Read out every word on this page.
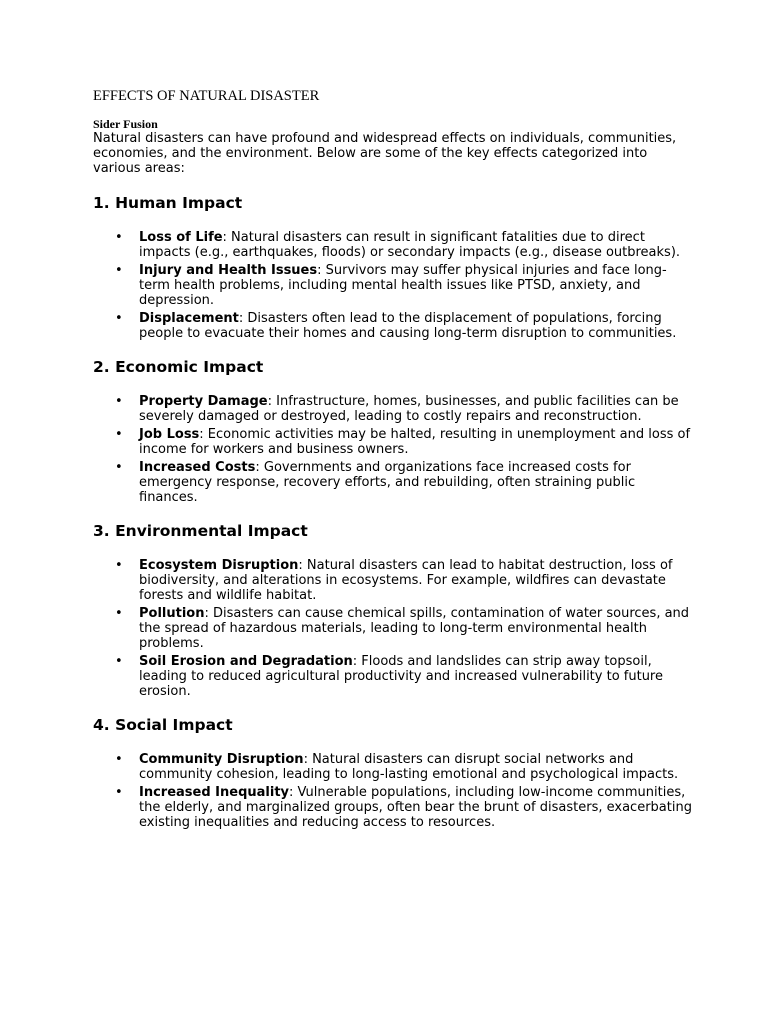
EFFECTS OF NATURAL DISASTER

Sider Fusion

Natural disasters can have profound and widespread effects on individuals, communities, economies, and the environment. Below are some of the key effects categorized into various areas:

1. Human Impact
• Loss of Life: Natural disasters can result in significant fatalities due to direct impacts (e.g., earthquakes, floods) or secondary impacts (e.g., disease outbreaks).
• Injury and Health Issues: Survivors may suffer physical injuries and face long-term health problems, including mental health issues like PTSD, anxiety, and depression.
• Displacement: Disasters often lead to the displacement of populations, forcing people to evacuate their homes and causing long-term disruption to communities.
2. Economic Impact
• Property Damage: Infrastructure, homes, businesses, and public facilities can be severely damaged or destroyed, leading to costly repairs and reconstruction.
• Job Loss: Economic activities may be halted, resulting in unemployment and loss of income for workers and business owners.
• Increased Costs: Governments and organizations face increased costs for emergency response, recovery efforts, and rebuilding, often straining public finances.
3. Environmental Impact
• Ecosystem Disruption: Natural disasters can lead to habitat destruction, loss of biodiversity, and alterations in ecosystems. For example, wildfires can devastate forests and wildlife habitat.
• Pollution: Disasters can cause chemical spills, contamination of water sources, and the spread of hazardous materials, leading to long-term environmental health problems.
• Soil Erosion and Degradation: Floods and landslides can strip away topsoil, leading to reduced agricultural productivity and increased vulnerability to future erosion.
4. Social Impact
• Community Disruption: Natural disasters can disrupt social networks and community cohesion, leading to long-lasting emotional and psychological impacts.
• Increased Inequality: Vulnerable populations, including low-income communities, the elderly, and marginalized groups, often bear the brunt of disasters, exacerbating existing inequalities and reducing access to resources.
